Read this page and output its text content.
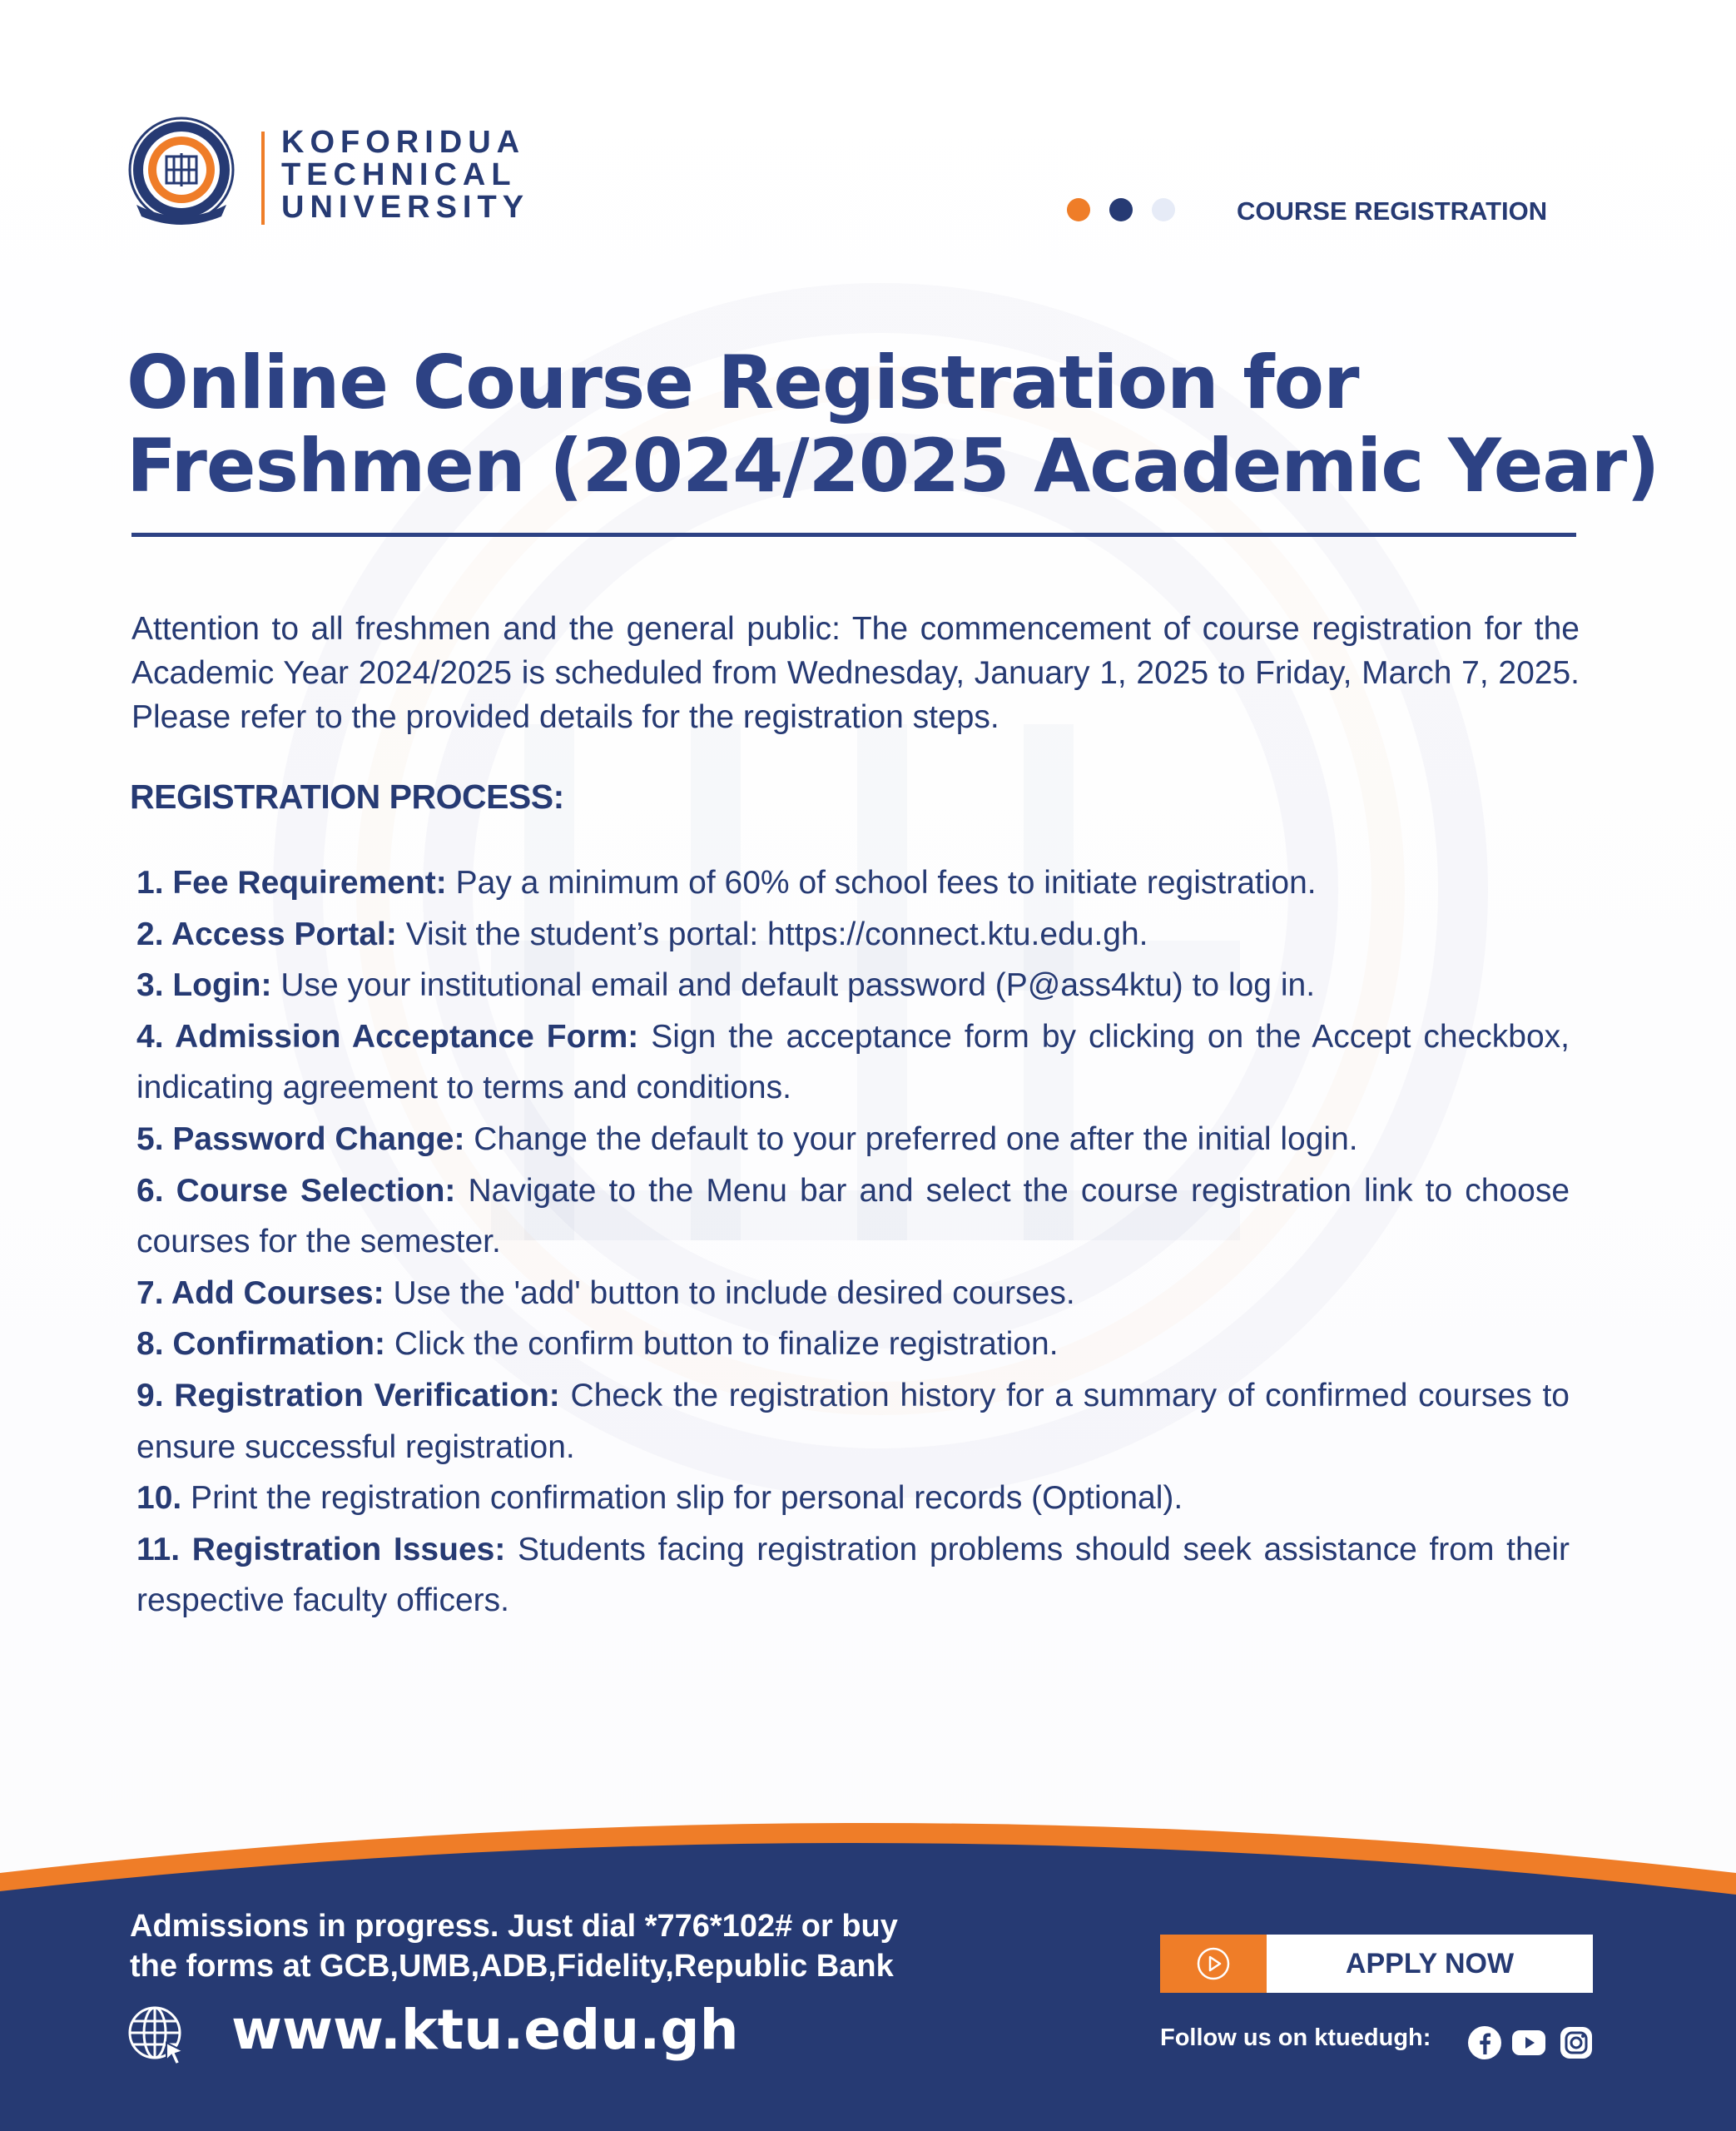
KOFORIDUA
TECHNICAL
UNIVERSITY	COURSE REGISTRATION
Online Course Registration for
Freshmen (2024/2025 Academic Year)

Attention to all freshmen and the general public: The commencement of course registration for the Academic Year 2024/2025 is scheduled from Wednesday, January 1, 2025 to Friday, March 7, 2025. Please refer to the provided details for the registration steps.

REGISTRATION PROCESS:
1. Fee Requirement: Pay a minimum of 60% of school fees to initiate registration.
2. Access Portal: Visit the student’s portal: https://connect.ktu.edu.gh.
3. Login: Use your institutional email and default password (P@ass4ktu) to log in.
4. Admission Acceptance Form: Sign the acceptance form by clicking on the Accept checkbox, indicating agreement to terms and conditions.
5. Password Change: Change the default to your preferred one after the initial login.
6. Course Selection: Navigate to the Menu bar and select the course registration link to choose courses for the semester.
7. Add Courses: Use the 'add' button to include desired courses.
8. Confirmation: Click the confirm button to finalize registration.
9. Registration Verification: Check the registration history for a summary of confirmed courses to ensure successful registration.
10. Print the registration confirmation slip for personal records (Optional).
11. Registration Issues: Students facing registration problems should seek assistance from their respective faculty officers.
Admissions in progress. Just dial *776*102# or buy
the forms at GCB,UMB,ADB,Fidelity,Republic Bank
www.ktu.edu.gh
APPLY NOW
Follow us on ktuedugh:
